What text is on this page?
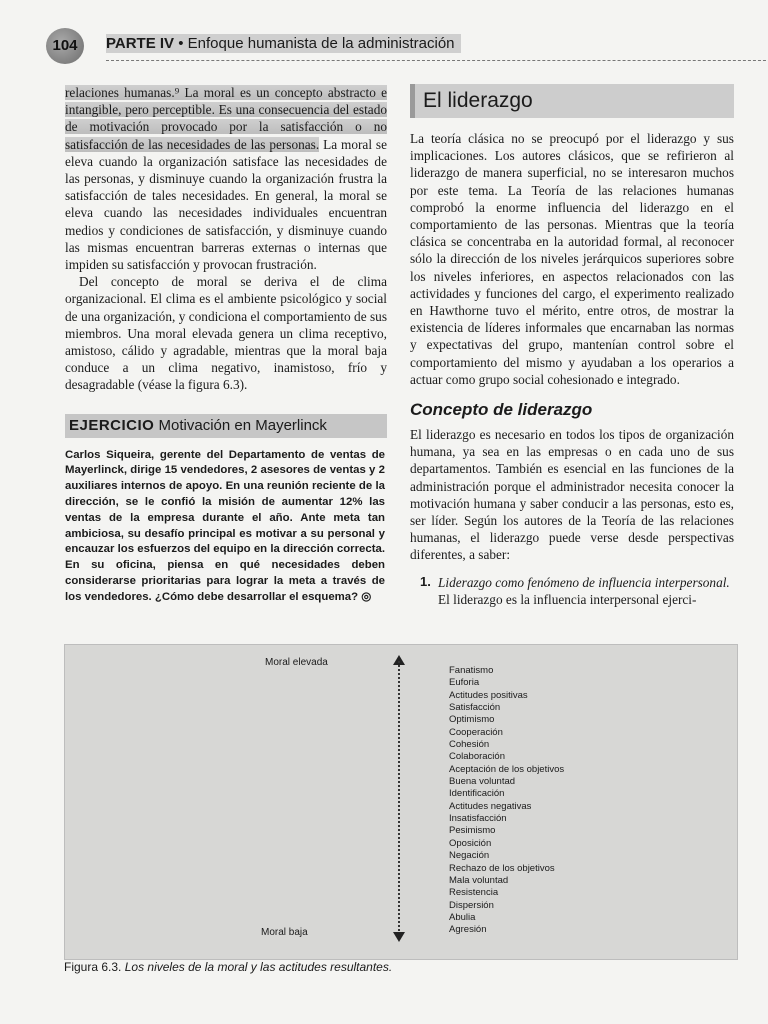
104	PARTE IV • Enfoque humanista de la administración

relaciones humanas.⁹ La moral es un concepto abstracto e intangible, pero perceptible. Es una consecuencia del estado de motivación provocado por la satisfacción o no satisfacción de las necesidades de las personas. La moral se eleva cuando la organización satisface las necesidades de las personas, y disminuye cuando la organización frustra la satisfacción de tales necesidades. En general, la moral se eleva cuando las necesidades individuales encuentran medios y condiciones de satisfacción, y disminuye cuando las mismas encuentran barreras externas o internas que impiden su satisfacción y provocan frustración.

Del concepto de moral se deriva el de clima organizacional. El clima es el ambiente psicológico y social de una organización, y condiciona el comportamiento de sus miembros. Una moral elevada genera un clima receptivo, amistoso, cálido y agradable, mientras que la moral baja conduce a un clima negativo, inamistoso, frío y desagradable (véase la figura 6.3).

EJERCICIO Motivación en Mayerlinck
Carlos Siqueira, gerente del Departamento de ventas de Mayerlinck, dirige 15 vendedores, 2 asesores de ventas y 2 auxiliares internos de apoyo. En una reunión reciente de la dirección, se le confió la misión de aumentar 12% las ventas de la empresa durante el año. Ante meta tan ambiciosa, su desafío principal es motivar a su personal y encauzar los esfuerzos del equipo en la dirección correcta. En su oficina, piensa en qué necesidades deben considerarse prioritarias para lograr la meta a través de los vendedores. ¿Cómo debe desarrollar el esquema? ◎
El liderazgo

La teoría clásica no se preocupó por el liderazgo y sus implicaciones. Los autores clásicos, que se refirieron al liderazgo de manera superficial, no se interesaron muchos por este tema. La Teoría de las relaciones humanas comprobó la enorme influencia del liderazgo en el comportamiento de las personas. Mientras que la teoría clásica se concentraba en la autoridad formal, al reconocer sólo la dirección de los niveles jerárquicos superiores sobre los niveles inferiores, en aspectos relacionados con las actividades y funciones del cargo, el experimento realizado en Hawthorne tuvo el mérito, entre otros, de mostrar la existencia de líderes informales que encarnaban las normas y expectativas del grupo, mantenían control sobre el comportamiento del mismo y ayudaban a los operarios a actuar como grupo social cohesionado e integrado.

Concepto de liderazgo

El liderazgo es necesario en todos los tipos de organización humana, ya sea en las empresas o en cada uno de sus departamentos. También es esencial en las funciones de la administración porque el administrador necesita conocer la motivación humana y saber conducir a las personas, esto es, ser líder. Según los autores de la Teoría de las relaciones humanas, el liderazgo puede verse desde perspectivas diferentes, a saber:

1. Liderazgo como fenómeno de influencia interpersonal.

El liderazgo es la influencia interpersonal ejerci-

Moral elevada
Moral baja
Fanatismo
Euforia
Actitudes positivas
Satisfacción
Optimismo
Cooperación
Cohesión
Colaboración
Aceptación de los objetivos
Buena voluntad
Identificación
Actitudes negativas
Insatisfacción
Pesimismo
Oposición
Negación
Rechazo de los objetivos
Mala voluntad
Resistencia
Dispersión
Abulia
Agresión
Figura 6.3. Los niveles de la moral y las actitudes resultantes.
